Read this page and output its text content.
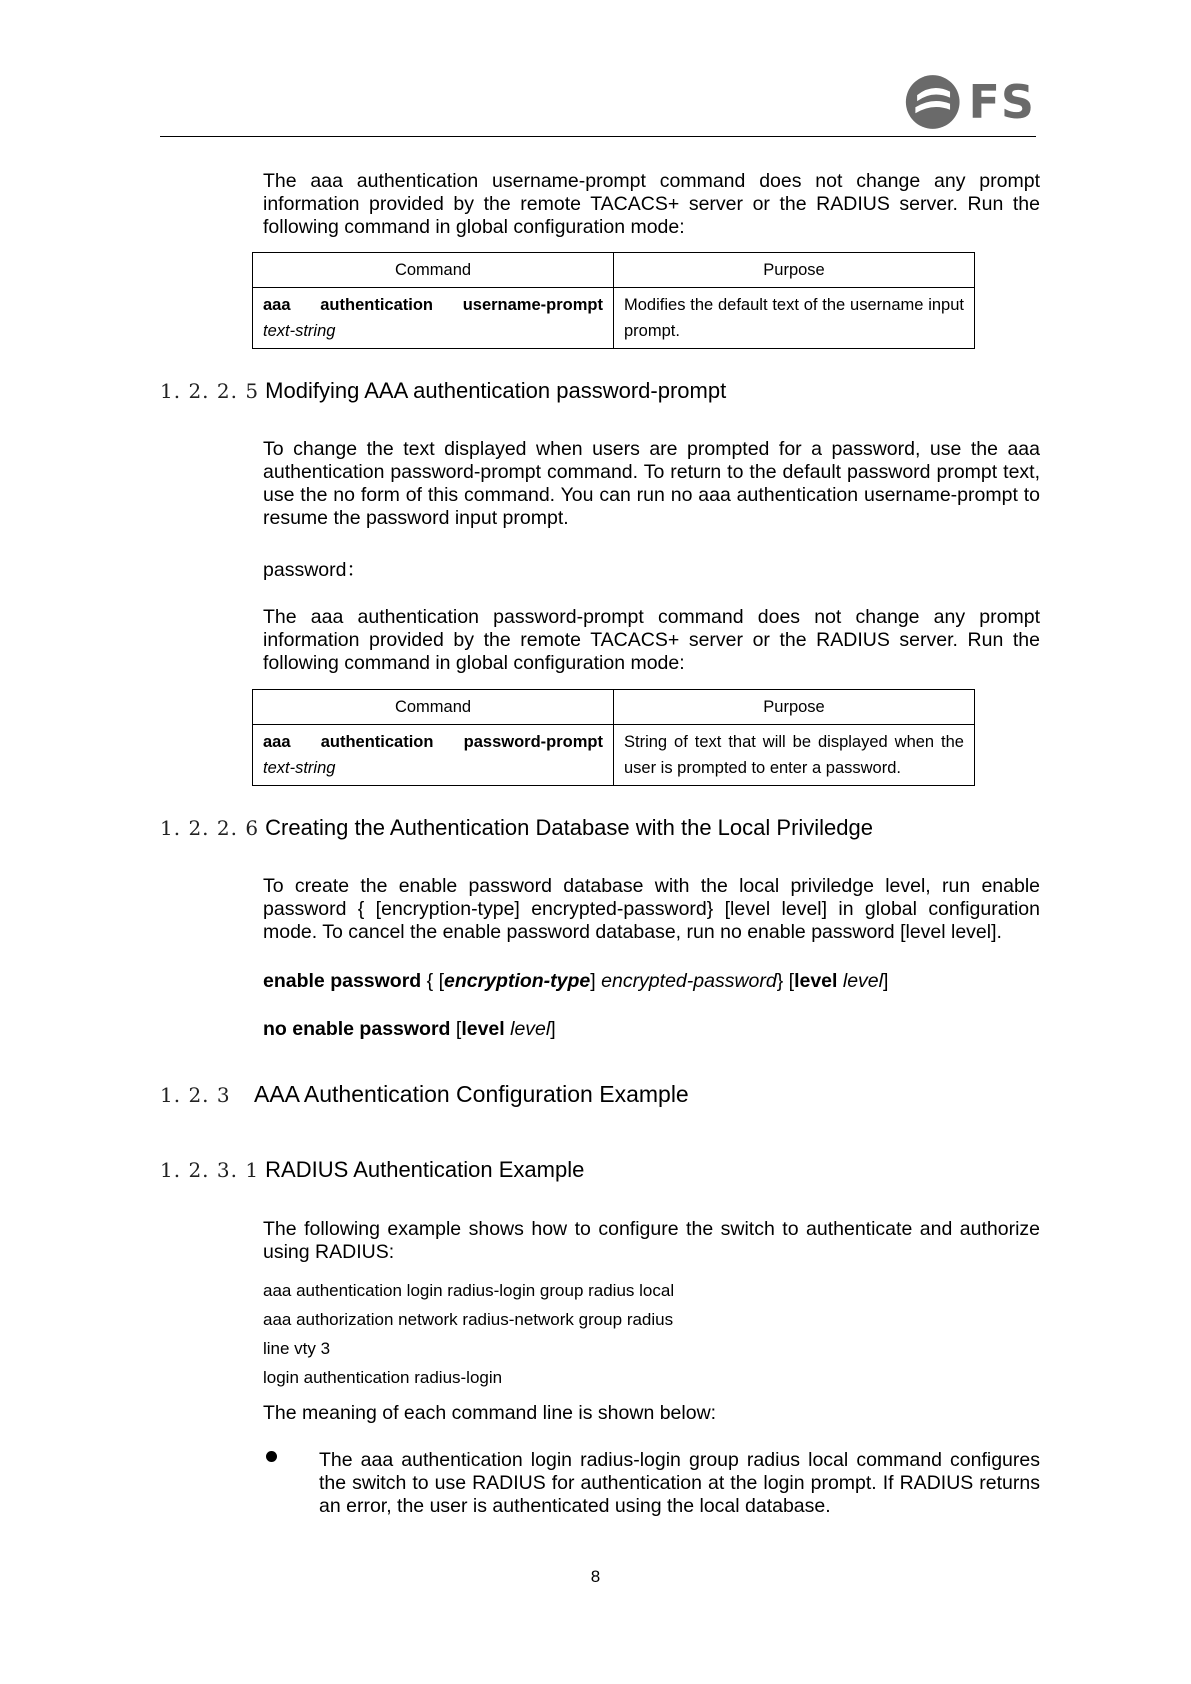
FS

The aaa authentication username-prompt command does not change any prompt information provided by the remote TACACS+ server or the RADIUS server. Run the following command in global configuration mode:

Command	Purpose

aaa authentication username-prompt
text-string	Modifies the default text of the username input prompt.
1. 2. 2. 5 Modifying AAA authentication password-prompt

To change the text displayed when users are prompted for a password, use the aaa authentication password-prompt command. To return to the default password prompt text, use the no form of this command. You can run no aaa authentication username-prompt to resume the password input prompt.

password：

The aaa authentication password-prompt command does not change any prompt information provided by the remote TACACS+ server or the RADIUS server. Run the following command in global configuration mode:

Command	Purpose

aaa authentication password-prompt
text-string	String of text that will be displayed when the user is prompted to enter a password.
1. 2. 2. 6 Creating the Authentication Database with the Local Priviledge

To create the enable password database with the local priviledge level, run enable password { [encryption-type] encrypted-password} [level level] in global configuration mode. To cancel the enable password database, run no enable password [level level].

enable password { [encryption-type] encrypted-password} [level level]

no enable password [level level]

1. 2. 3 AAA Authentication Configuration Example
1. 2. 3. 1 RADIUS Authentication Example

The following example shows how to configure the switch to authenticate and authorize using RADIUS:

aaa authentication login radius-login group radius local

aaa authorization network radius-network group radius

line vty 3

login authentication radius-login

The meaning of each command line is shown below:

The aaa authentication login radius-login group radius local command configures the switch to use RADIUS for authentication at the login prompt. If RADIUS returns an error, the user is authenticated using the local database.

8
